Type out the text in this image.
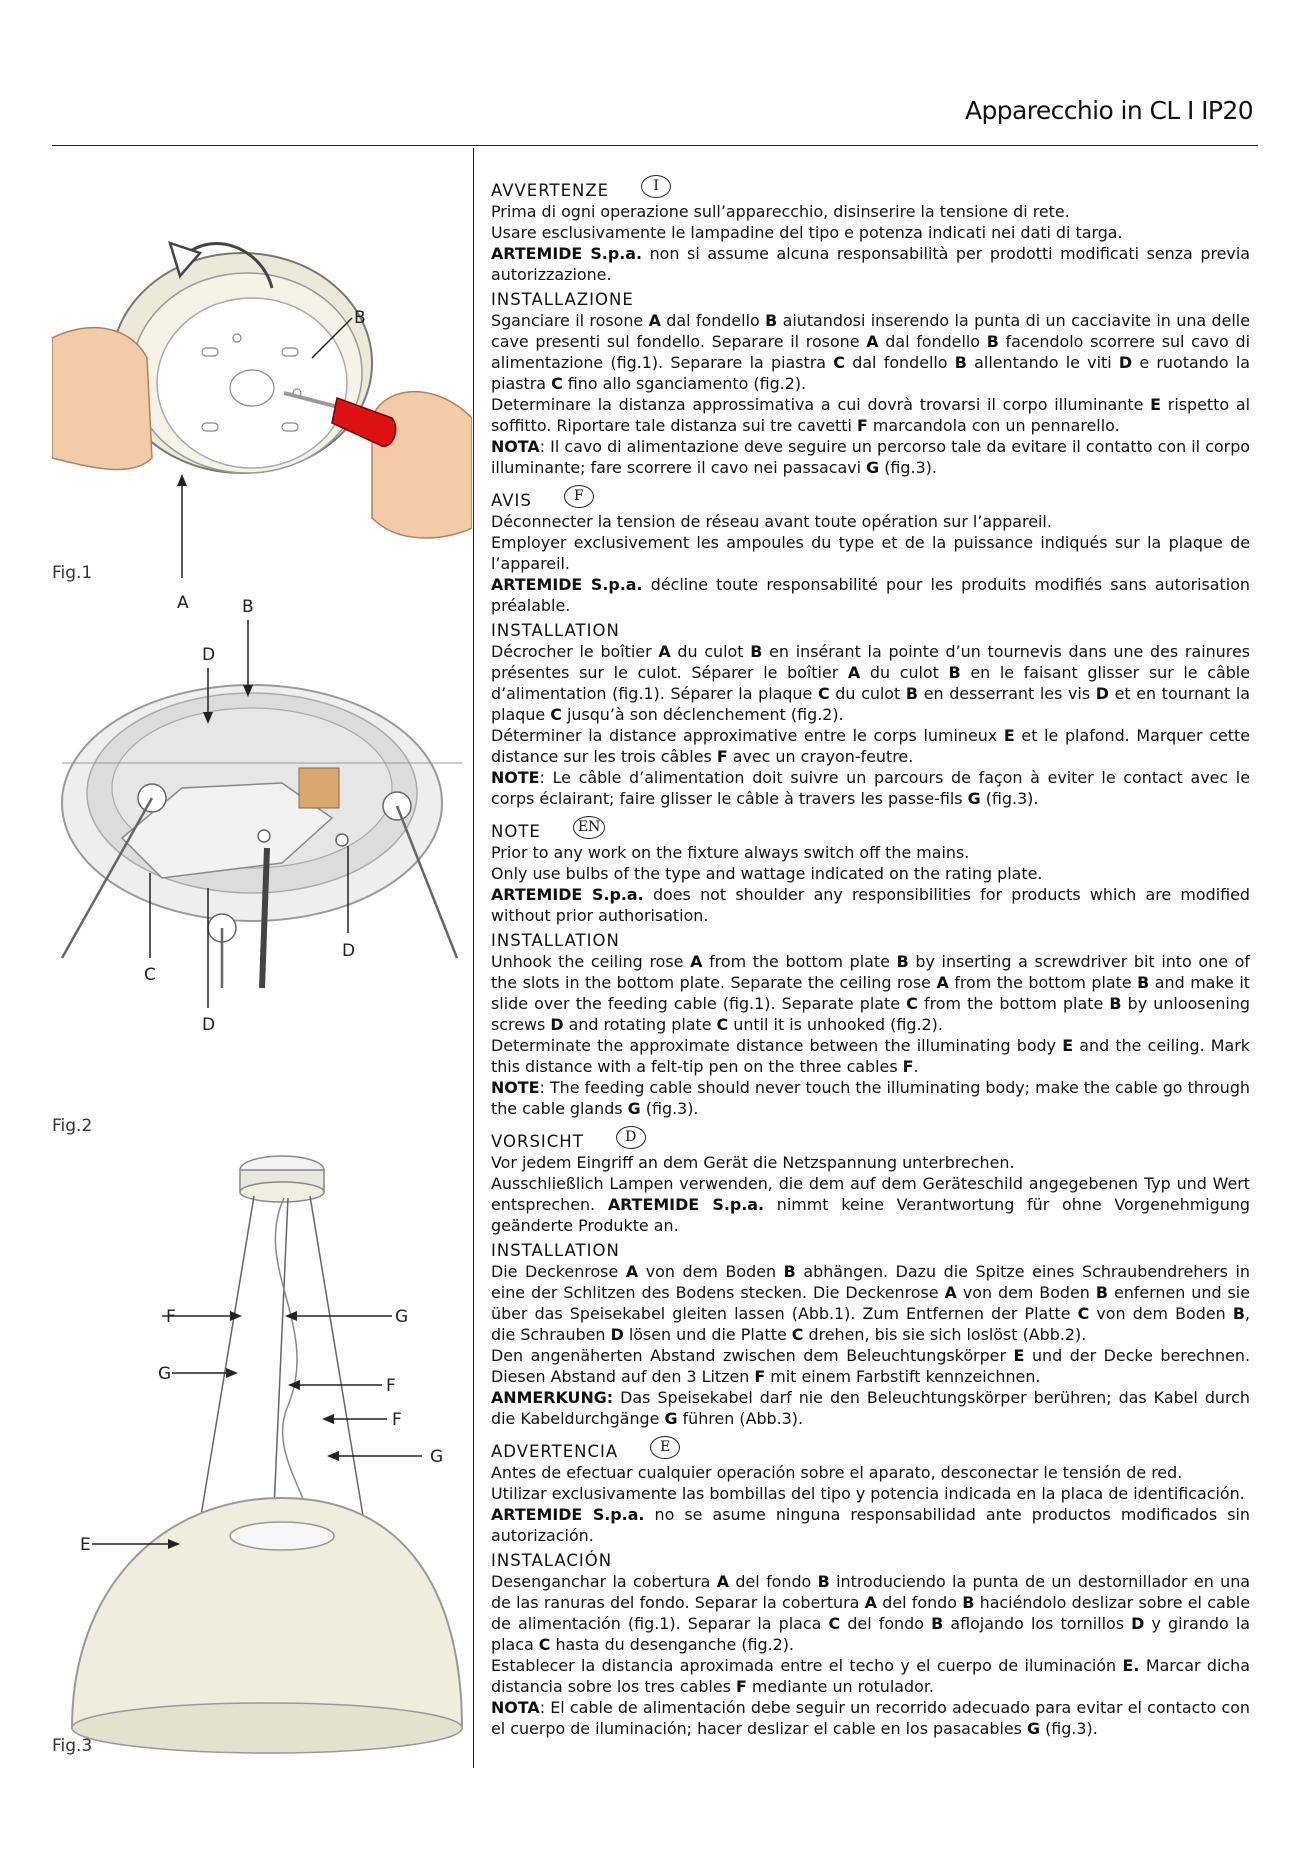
Apparecchio in CL I IP20
B
A
Fig.1
B
D
C
D
D
Fig.2
F	G
G
F
F
G
E
Fig.3
AVVERTENZE	I

Prima di ogni operazione sull’apparecchio, disinserire la tensione di rete.

Usare esclusivamente le lampadine del tipo e potenza indicati nei dati di targa.

ARTEMIDE S.p.a. non si assume alcuna responsabilità per prodotti modificati senza previa autorizzazione.

INSTALLAZIONE

Sganciare il rosone A dal fondello B aiutandosi inserendo la punta di un cacciavite in una delle cave presenti sul fondello. Separare il rosone A dal fondello B facendolo scorrere sul cavo di alimentazione (fig.1). Separare la piastra C dal fondello B allentando le viti D e ruotando la piastra C fino allo sganciamento (fig.2).

Determinare la distanza approssimativa a cui dovrà trovarsi il corpo illuminante E rispetto al soffitto. Riportare tale distanza sui tre cavetti F marcandola con un pennarello.

NOTA: Il cavo di alimentazione deve seguire un percorso tale da evitare il contatto con il corpo illuminante; fare scorrere il cavo nei passacavi G (fig.3).

AVIS	F

Déconnecter la tension de réseau avant toute opération sur l’appareil.

Employer exclusivement les ampoules du type et de la puissance indiqués sur la plaque de l’appareil.

ARTEMIDE S.p.a. décline toute responsabilité pour les produits modifiés sans autorisation préalable.

INSTALLATION

Décrocher le boîtier A du culot B en insérant la pointe d’un tournevis dans une des rainures présentes sur le culot. Séparer le boîtier A du culot B en le faisant glisser sur le câble d’alimentation (fig.1). Séparer la plaque C du culot B en desserrant les vis D et en tournant la plaque C jusqu’à son déclenchement (fig.2).

Déterminer la distance approximative entre le corps lumineux E et le plafond. Marquer cette distance sur les trois câbles F avec un crayon-feutre.

NOTE: Le câble d’alimentation doit suivre un parcours de façon à eviter le contact avec le corps éclairant; faire glisser le câble à travers les passe-fils G (fig.3).

NOTE	EN

Prior to any work on the fixture always switch off the mains.

Only use bulbs of the type and wattage indicated on the rating plate.

ARTEMIDE S.p.a. does not shoulder any responsibilities for products which are modified without prior authorisation.

INSTALLATION

Unhook the ceiling rose A from the bottom plate B by inserting a screwdriver bit into one of the slots in the bottom plate. Separate the ceiling rose A from the bottom plate B and make it slide over the feeding cable (fig.1). Separate plate C from the bottom plate B by unloosening screws D and rotating plate C until it is unhooked (fig.2).

Determinate the approximate distance between the illuminating body E and the ceiling. Mark this distance with a felt-tip pen on the three cables F.

NOTE: The feeding cable should never touch the illuminating body; make the cable go through the cable glands G (fig.3).

VORSICHT	D

Vor jedem Eingriff an dem Gerät die Netzspannung unterbrechen.

Ausschließlich Lampen verwenden, die dem auf dem Geräteschild angegebenen Typ und Wert entsprechen. ARTEMIDE S.p.a. nimmt keine Verantwortung für ohne Vorgenehmigung geänderte Produkte an.

INSTALLATION

Die Deckenrose A von dem Boden B abhängen. Dazu die Spitze eines Schraubendrehers in eine der Schlitzen des Bodens stecken. Die Deckenrose A von dem Boden B enfernen und sie über das Speisekabel gleiten lassen (Abb.1). Zum Entfernen der Platte C von dem Boden B, die Schrauben D lösen und die Platte C drehen, bis sie sich loslöst (Abb.2).

Den angenäherten Abstand zwischen dem Beleuchtungskörper E und der Decke berechnen. Diesen Abstand auf den 3 Litzen F mit einem Farbstift kennzeichnen.

ANMERKUNG: Das Speisekabel darf nie den Beleuchtungskörper berühren; das Kabel durch die Kabeldurchgänge G führen (Abb.3).

ADVERTENCIA	E

Antes de efectuar cualquier operación sobre el aparato, desconectar le tensión de red.

Utilizar exclusivamente las bombillas del tipo y potencia indicada en la placa de identificación.

ARTEMIDE S.p.a. no se asume ninguna responsabilidad ante productos modificados sin autorización.

INSTALACIÓN

Desenganchar la cobertura A del fondo B introduciendo la punta de un destornillador en una de las ranuras del fondo. Separar la cobertura A del fondo B haciéndolo deslizar sobre el cable de alimentación (fig.1). Separar la placa C del fondo B aflojando los tornillos D y girando la placa C hasta du desenganche (fig.2).

Establecer la distancia aproximada entre el techo y el cuerpo de iluminación E. Marcar dicha distancia sobre los tres cables F mediante un rotulador.

NOTA: El cable de alimentación debe seguir un recorrido adecuado para evitar el contacto con el cuerpo de iluminación; hacer deslizar el cable en los pasacables G (fig.3).
